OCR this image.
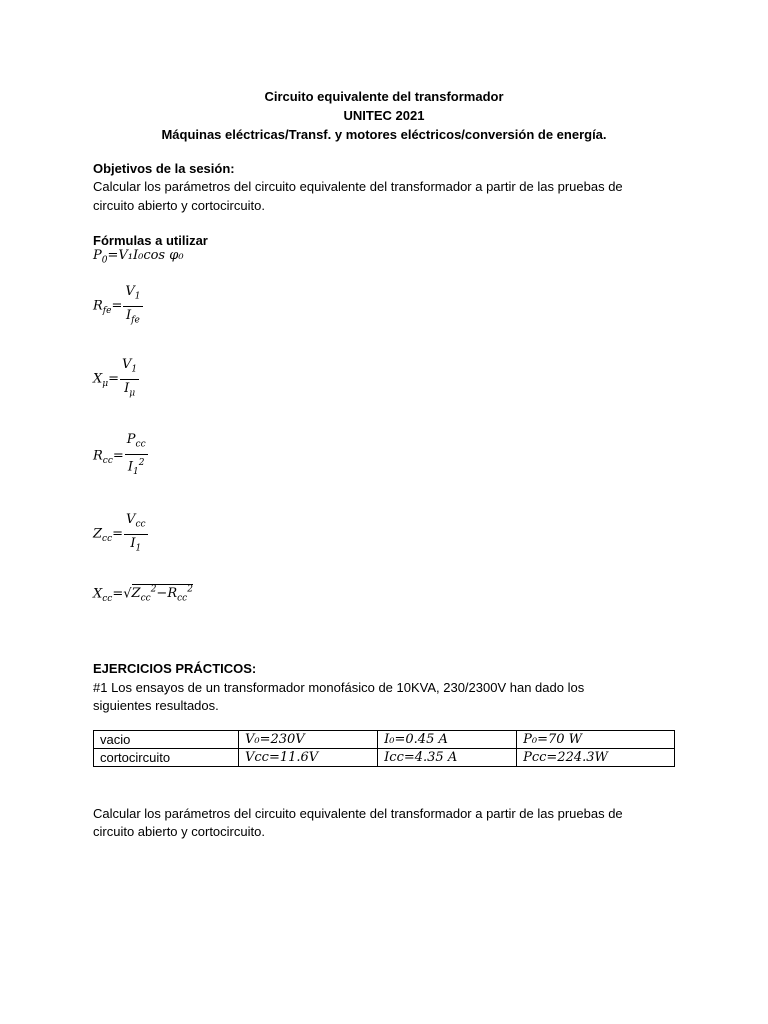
Circuito equivalente del transformador
UNITEC 2021
Máquinas eléctricas/Transf. y motores eléctricos/conversión de energía.
Objetivos de la sesión:
Calcular los parámetros del circuito equivalente del transformador a partir de las pruebas de
circuito abierto y cortocircuito.
Fórmulas a utilizar
$P_0=V_1I_0\cos$ φ₀
$R_{fe}= \frac{V_1}{I_{fe}}$
$X_\mu= \frac{V_1}{I_\mu}$
$R_{cc}= \frac{P_{cc}}{I_1^2}$
$Z_{cc}= \frac{V_{cc}}{I_1}$
$X_{cc}=√Z_{cc}^2-R_{cc}^2$
EJERCICIOS PRÁCTICOS:
#1 Los ensayos de un transformador monofásico de 10KVA, 230/2300V han dado los
siguientes resultados.
vacio	V₀=230V	I₀=0.45 A	P₀=70 W
cortocircuito	Vcc=11.6V	Icc=4.35 A	Pcc=224.3W
Calcular los parámetros del circuito equivalente del transformador a partir de las pruebas de
circuito abierto y cortocircuito.
